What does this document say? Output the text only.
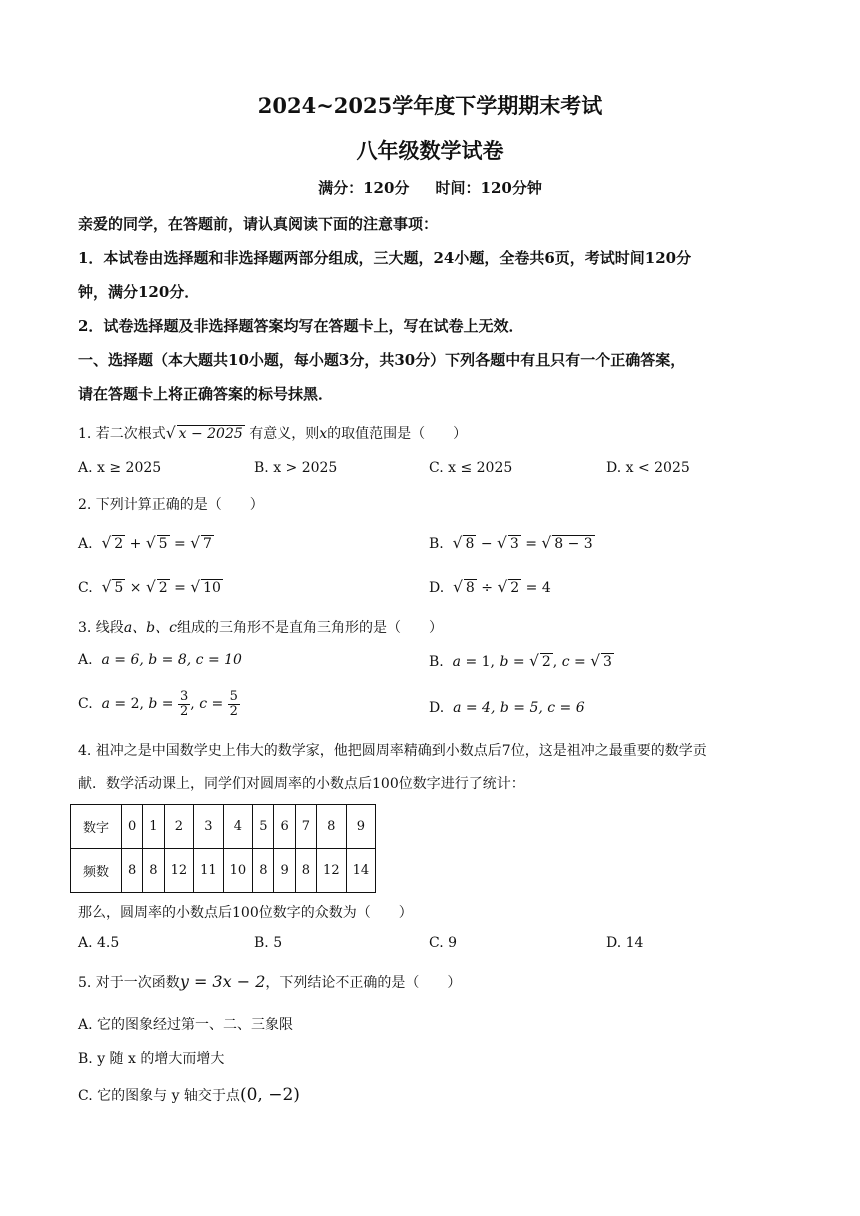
2024~2025学年度下学期期末考试
八年级数学试卷
满分：120分     时间：120分钟
亲爱的同学，在答题前，请认真阅读下面的注意事项：
1．本试卷由选择题和非选择题两部分组成，三大题，24小题，全卷共6页，考试时间120分
钟，满分120分．
2．试卷选择题及非选择题答案均写在答题卡上，写在试卷上无效．
一、选择题（本大题共10小题，每小题3分，共30分）下列各题中有且只有一个正确答案，
请在答题卡上将正确答案的标号抹黑．
1. 若二次根式√ x − 2025 有意义，则x的取值范围是（　　）
A. x ≥ 2025	B. x > 2025	C. x ≤ 2025	D. x < 2025
2. 下列计算正确的是（　　）
A. √ 2 + √ 5 = √ 7	B. √ 8 − √ 3 = √ 8 − 3
C. √ 5 × √ 2 = √ 10	D. √ 8 ÷ √ 2 = 4
3. 线段a、b、c组成的三角形不是直角三角形的是（　　）
A.  a = 6, b = 8, c = 10	B.  a = 1, b = √ 2 , c = √ 3
C.  a = 2, $b = \frac{3}{2}$ , $c = \frac{5}{2}$	D.  a = 4, b = 5, c = 6
4. 祖冲之是中国数学史上伟大的数学家，他把圆周率精确到小数点后7位，这是祖冲之最重要的数学贡
献．数学活动课上，同学们对圆周率的小数点后100位数字进行了统计：
数字	0	1	2	3	4	5	6	7	8	9
频数	8	8	12	11	10	8	9	8	12	14
那么，圆周率的小数点后100位数字的众数为（　　）
A. 4.5	B. 5	C. 9	D. 14
5. 对于一次函数y = 3x − 2，下列结论不正确的是（　　）
A. 它的图象经过第一、二、三象限
B. y 随 x 的增大而增大
C. 它的图象与 y 轴交于点(0, −2)
